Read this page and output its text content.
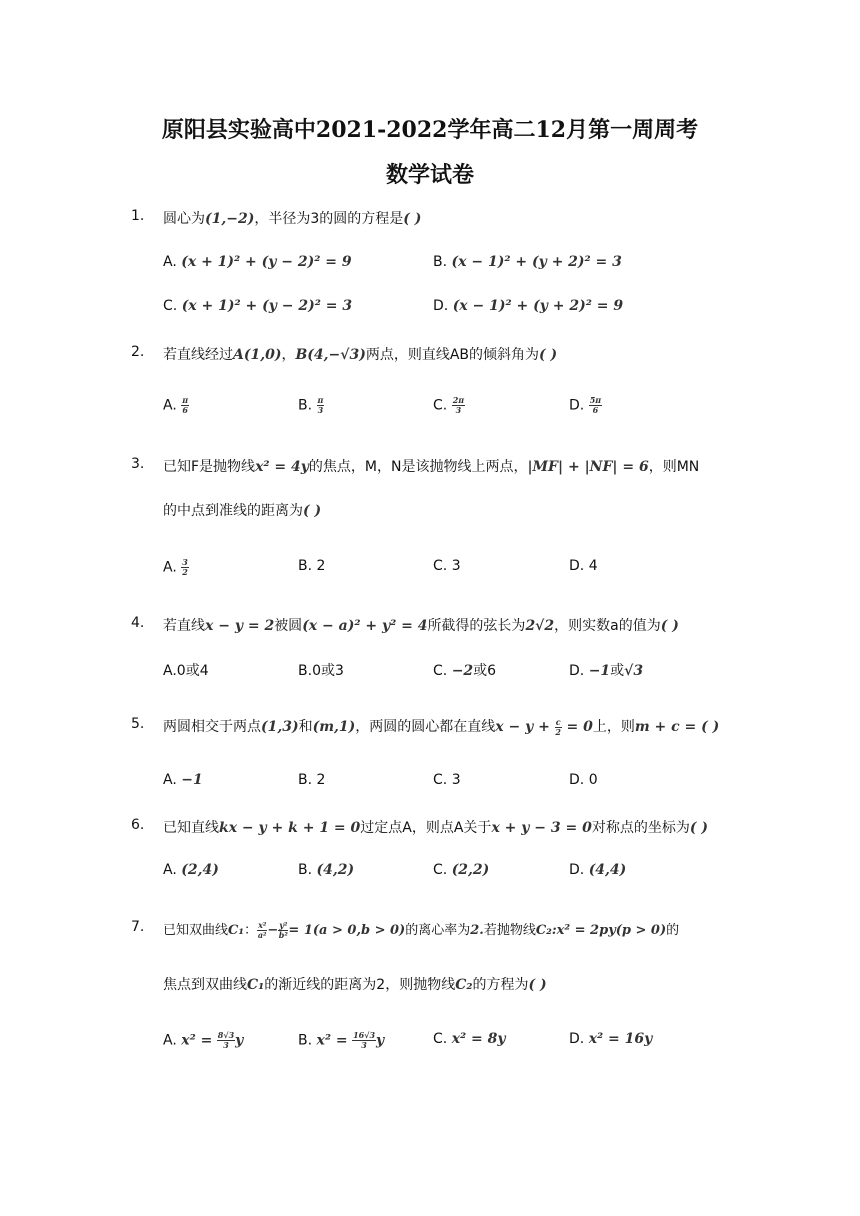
原阳县实验高中2021-2022学年高二12月第一周周考
数学试卷
1. 圆心为(1,−2)，半径为3的圆的方程是( )
A. (x + 1)² + (y − 2)² = 9	B. (x − 1)² + (y + 2)² = 3
C. (x + 1)² + (y − 2)² = 3	D. (x − 1)² + (y + 2)² = 9
2. 若直线经过A(1,0)，B(4,−√3)两点，则直线AB的倾斜角为( )
A. $\frac{\pi}{6}$	B. $\frac{\pi}{3}$	C. $\frac{2\pi}{3}$	D. $\frac{5\pi}{6}$
3. 已知F是抛物线x² = 4y的焦点，M，N是该抛物线上两点，|MF| + |NF| = 6，则MN
的中点到准线的距离为( )
A. $\frac{3}{2}$	B. 2	C. 3	D. 4
4. 若直线x − y = 2被圆(x − a)² + y² = 4所截得的弦长为2√2，则实数a的值为( )
A.0或4	B.0或3	C. −2或6	D. −1或√3
5. 两圆相交于两点(1,3)和(m,1)，两圆的圆心都在直线$x - y + \frac{c}{2} = 0$上，则m + c = ( )
A. −1	B. 2	C. 3	D. 0
6. 已知直线kx − y + k + 1 = 0过定点A，则点A关于x + y − 3 = 0对称点的坐标为( )
A. (2,4)	B. (4,2)	C. (2,2)	D. (4,4)
7. 已知双曲线C₁： $\frac{\text{x²}}{\text{a²}} - \frac{\text{y²}}{\text{b²}} = 1(a > 0,b > 0)$的离心率为2.若抛物线C₂:x² = 2py(p > 0)的
焦点到双曲线C₁的渐近线的距离为2，则抛物线C₂的方程为( )
A. $x^2 = \frac{8√3}{3}$ y	B. $x^2 = \frac{16√3}{3}$ y	C. x² = 8y	D. x² = 16y
